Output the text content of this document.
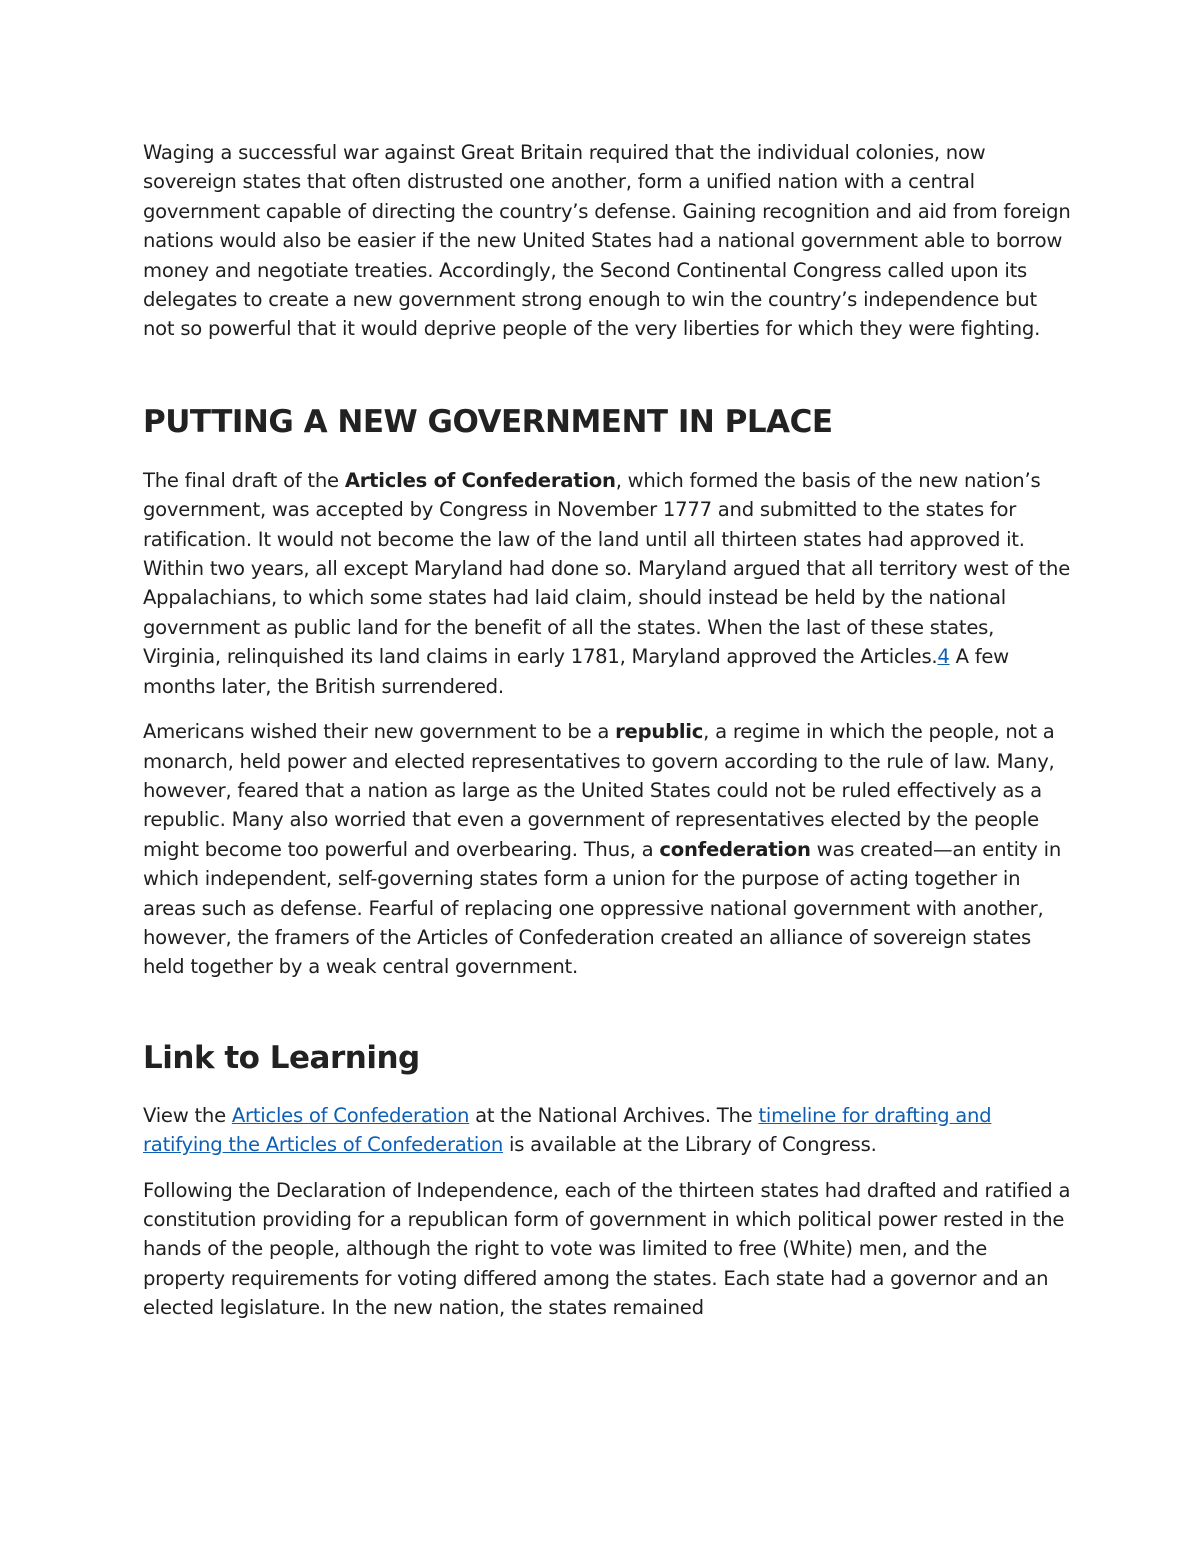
Waging a successful war against Great Britain required that the individual colonies, now sovereign states that often distrusted one another, form a unified nation with a central government capable of directing the country’s defense. Gaining recognition and aid from foreign nations would also be easier if the new United States had a national government able to borrow money and negotiate treaties. Accordingly, the Second Continental Congress called upon its delegates to create a new government strong enough to win the country’s independence but not so powerful that it would deprive people of the very liberties for which they were fighting.

PUTTING A NEW GOVERNMENT IN PLACE

The final draft of the Articles of Confederation, which formed the basis of the new nation’s government, was accepted by Congress in November 1777 and submitted to the states for ratification. It would not become the law of the land until all thirteen states had approved it. Within two years, all except Maryland had done so. Maryland argued that all territory west of the Appalachians, to which some states had laid claim, should instead be held by the national government as public land for the benefit of all the states. When the last of these states, Virginia, relinquished its land claims in early 1781, Maryland approved the Articles.4 A few months later, the British surrendered.

Americans wished their new government to be a republic, a regime in which the people, not a monarch, held power and elected representatives to govern according to the rule of law. Many, however, feared that a nation as large as the United States could not be ruled effectively as a republic. Many also worried that even a government of representatives elected by the people might become too powerful and overbearing. Thus, a confederation was created—an entity in which independent, self-governing states form a union for the purpose of acting together in areas such as defense. Fearful of replacing one oppressive national government with another, however, the framers of the Articles of Confederation created an alliance of sovereign states held together by a weak central government.

Link to Learning

View the Articles of Confederation at the National Archives. The timeline for drafting and ratifying the Articles of Confederation is available at the Library of Congress.

Following the Declaration of Independence, each of the thirteen states had drafted and ratified a constitution providing for a republican form of government in which political power rested in the hands of the people, although the right to vote was limited to free (White) men, and the property requirements for voting differed among the states. Each state had a governor and an elected legislature. In the new nation, the states remained
